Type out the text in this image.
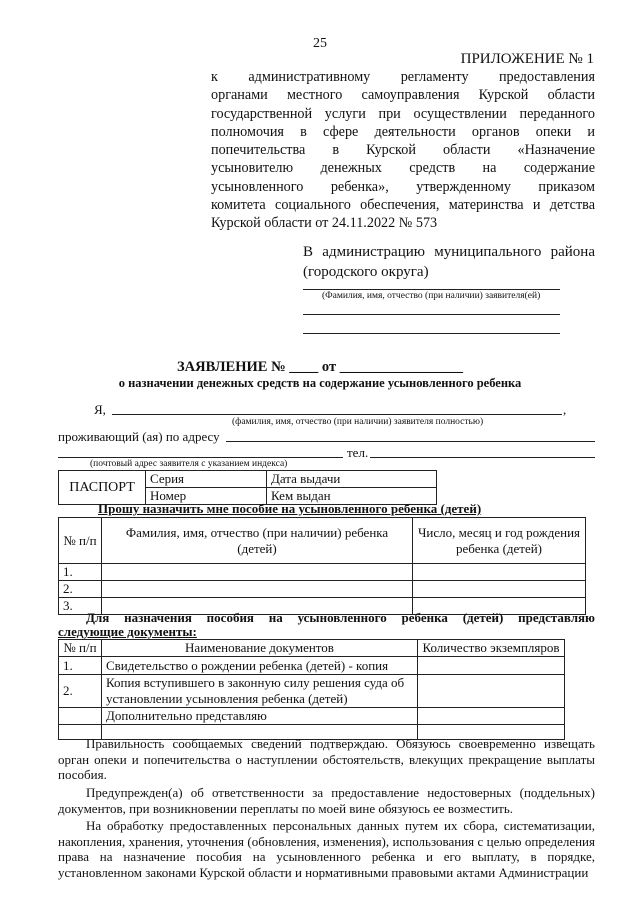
25
ПРИЛОЖЕНИЕ № 1

к административному регламенту предоставления

органами местного самоуправления Курской области

государственной услуги при осуществлении переданного

полномочия в сфере деятельности органов опеки и

попечительства в Курской области «Назначение

усыновителю денежных средств на содержание

усыновленного ребенка», утвержденному приказом

комитета социального обеспечения, материнства и детства

Курской области от 24.11.2022 № 573

В администрацию муниципального района

(городского округа)

(Фамилия, имя, отчество (при наличии) заявителя(ей)
ЗАЯВЛЕНИЕ № ____ от _________________
о назначении денежных средств на содержание усыновленного ребенка
Я,	,
(фамилия, имя, отчество (при наличии) заявителя полностью)
проживающий (ая) по адресу
тел.
(почтовый адрес заявителя с указанием индекса)
ПАСПОРТ	Серия	Дата выдачи
	Номер	Кем выдан
Прошу назначить мне пособие на усыновленного ребенка (детей)
№ п/п	Фамилия, имя, отчество (при наличии) ребенка (детей)	Число, месяц и год рождения ребенка (детей)
1.		
2.		
3.		
Для назначения пособия на усыновленного ребенка (детей) представляю
следующие документы:
№ п/п	Наименование документов	Количество экземпляров
1.	Свидетельство о рождении ребенка (детей) - копия	
2.	Копия вступившего в законную силу решения суда об установлении усыновления ребенка (детей)	
	Дополнительно представляю	

Правильность сообщаемых сведений подтверждаю. Обязуюсь своевременно извещать орган опеки и попечительства о наступлении обстоятельств, влекущих прекращение выплаты пособия.

Предупрежден(а) об ответственности за предоставление недостоверных (поддельных) документов, при возникновении переплаты по моей вине обязуюсь ее возместить.

На обработку предоставленных персональных данных путем их сбора, систематизации, накопления, хранения, уточнения (обновления, изменения), использования с целью определения права на назначение пособия на усыновленного ребенка и его выплату, в порядке, установленном законами Курской области и нормативными правовыми актами Администрации
